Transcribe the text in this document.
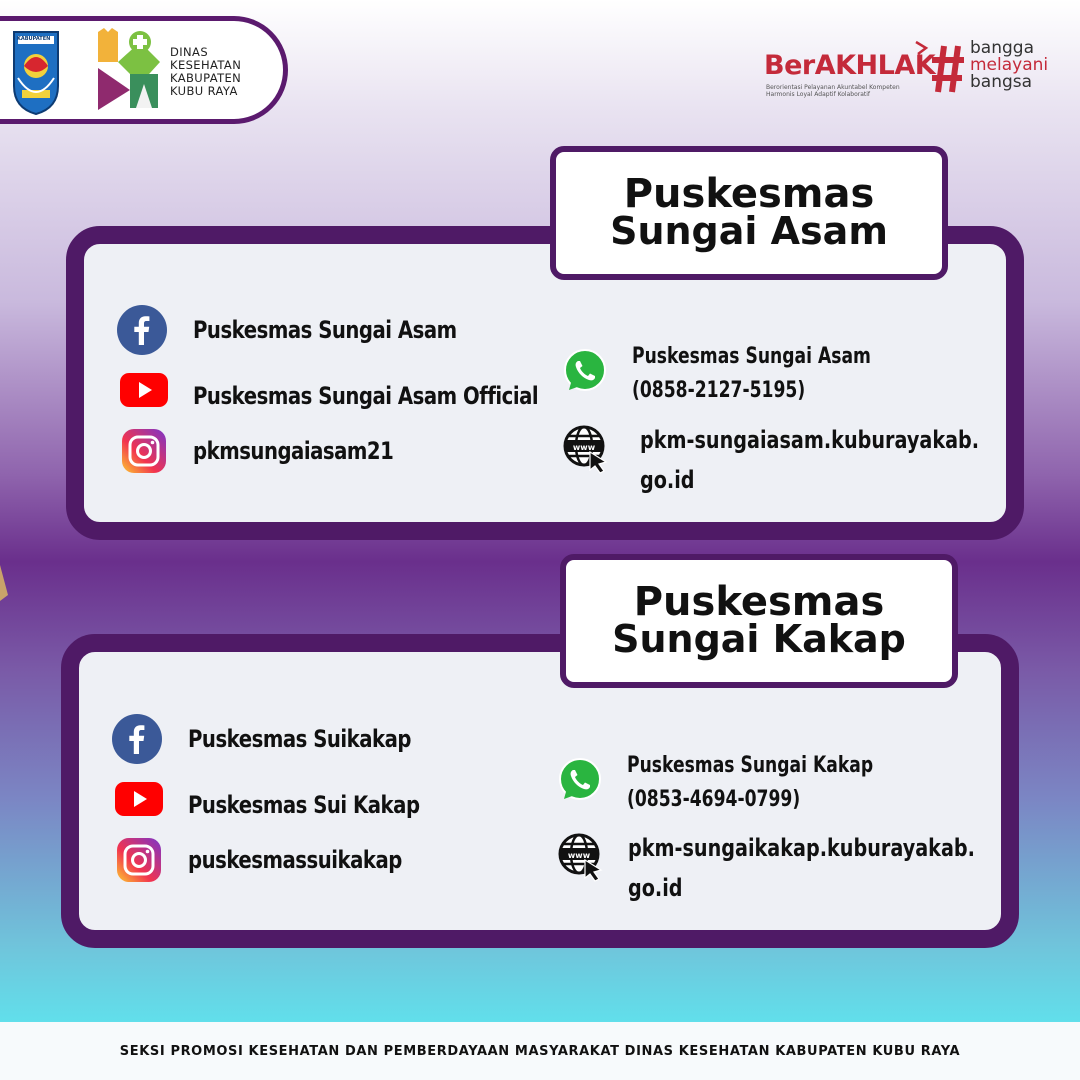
KABUPATEN
DINAS
KESEHATAN
KABUPATEN
KUBU RAYA
BerAKHLAK
Berorientasi Pelayanan Akuntabel Kompeten
Harmonis Loyal Adaptif Kolaboratif
bangga
melayani
bangsa
Puskesmas
Sungai Asam
Puskesmas Sungai Asam
Puskesmas Sungai Asam Official
pkmsungaiasam21
Puskesmas Sungai Asam
(0858-2127-5195)
www pkm-sungaiasam.kuburayakab.
go.id
Puskesmas
Sungai Kakap
Puskesmas Suikakap
Puskesmas Sui Kakap
puskesmassuikakap
Puskesmas Sungai Kakap
(0853-4694-0799)
www pkm-sungaikakap.kuburayakab.
go.id
SEKSI PROMOSI KESEHATAN DAN PEMBERDAYAAN MASYARAKAT DINAS KESEHATAN KABUPATEN KUBU RAYA
